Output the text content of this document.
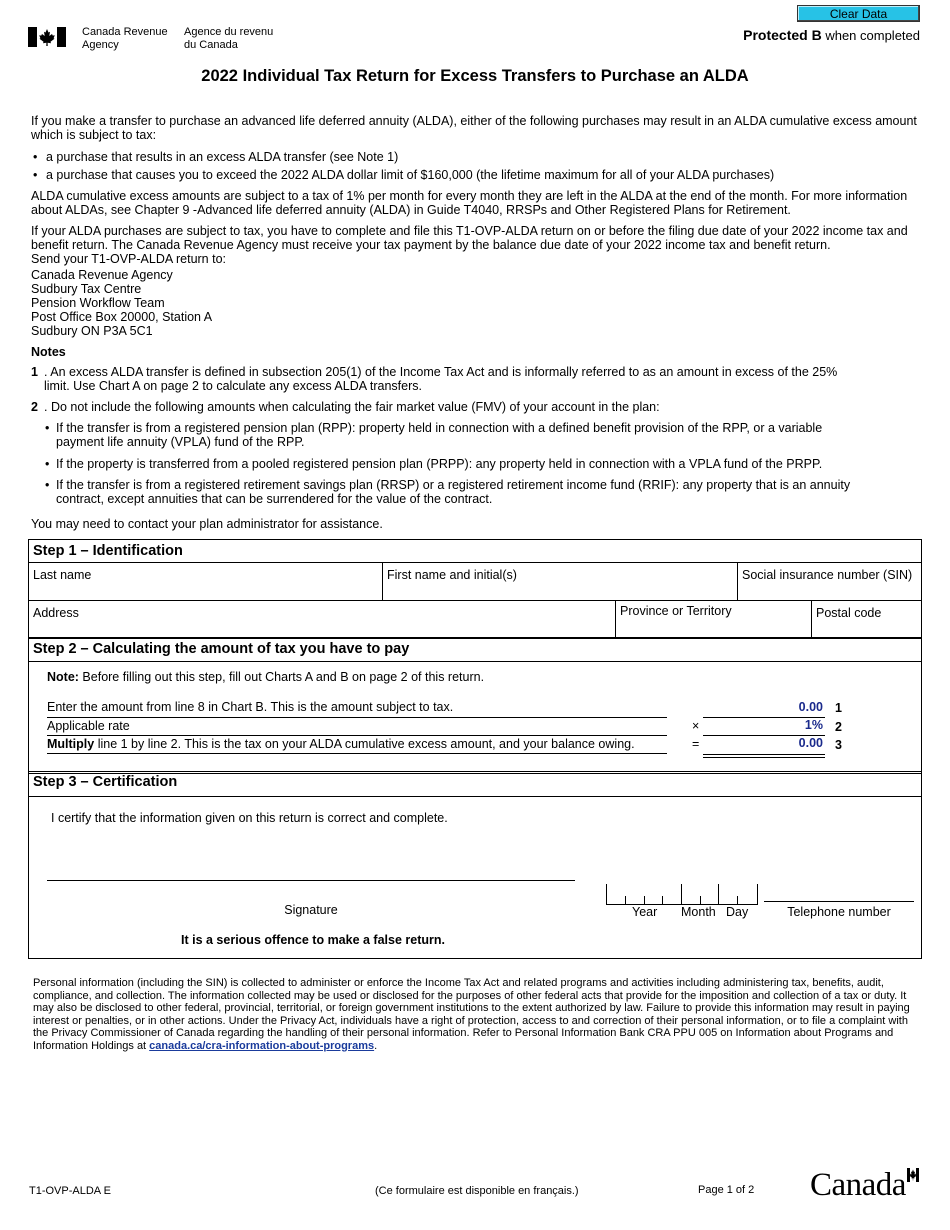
Canada Revenue
Agency
Agence du revenu
du Canada
Clear Data
Protected B when completed
2022 Individual Tax Return for Excess Transfers to Purchase an ALDA
If you make a transfer to purchase an advanced life deferred annuity (ALDA), either of the following purchases may result in an ALDA cumulative excess amount which is subject to tax:
• a purchase that results in an excess ALDA transfer (see Note 1)
• a purchase that causes you to exceed the 2022 ALDA dollar limit of $160,000 (the lifetime maximum for all of your ALDA purchases)
ALDA cumulative excess amounts are subject to a tax of 1% per month for every month they are left in the ALDA at the end of the month. For more information about ALDAs, see Chapter 9 -Advanced life deferred annuity (ALDA) in Guide T4040, RRSPs and Other Registered Plans for Retirement.
If your ALDA purchases are subject to tax, you have to complete and file this T1-OVP-ALDA return on or before the filing due date of your 2022 income tax and benefit return. The Canada Revenue Agency must receive your tax payment by the balance due date of your 2022 income tax and benefit return.
Send your T1-OVP-ALDA return to:
Canada Revenue Agency
Sudbury Tax Centre
Pension Workflow Team
Post Office Box 20000, Station A
Sudbury ON P3A 5C1
Notes
1 . An excess ALDA transfer is defined in subsection 205(1) of the Income Tax Act and is informally referred to as an amount in excess of the 25% limit. Use Chart A on page 2 to calculate any excess ALDA transfers.
2 . Do not include the following amounts when calculating the fair market value (FMV) of your account in the plan:
• If the transfer is from a registered pension plan (RPP): property held in connection with a defined benefit provision of the RPP, or a variable payment life annuity (VPLA) fund of the RPP.
• If the property is transferred from a pooled registered pension plan (PRPP): any property held in connection with a VPLA fund of the PRPP.
• If the transfer is from a registered retirement savings plan (RRSP) or a registered retirement income fund (RRIF): any property that is an annuity contract, except annuities that can be surrendered for the value of the contract.
You may need to contact your plan administrator for assistance.
Step 1 – Identification
Last name	First name and initial(s)	Social insurance number (SIN)
Address	Province or Territory	Postal code
Step 2 – Calculating the amount of tax you have to pay
Note: Before filling out this step, fill out Charts A and B on page 2 of this return.
Enter the amount from line 8 in Chart B. This is the amount subject to tax.	0.00 1
Applicable rate	×	1% 2
Multiply line 1 by line 2. This is the tax on your ALDA cumulative excess amount, and your balance owing.	=	0.00 3
Step 3 – Certification
I certify that the information given on this return is correct and complete.
Signature	Year Month Day	Telephone number
It is a serious offence to make a false return.
Personal information (including the SIN) is collected to administer or enforce the Income Tax Act and related programs and activities including administering tax, benefits, audit, compliance, and collection. The information collected may be used or disclosed for the purposes of other federal acts that provide for the imposition and collection of a tax or duty. It may also be disclosed to other federal, provincial, territorial, or foreign government institutions to the extent authorized by law. Failure to provide this information may result in paying interest or penalties, or in other actions. Under the Privacy Act, individuals have a right of protection, access to and correction of their personal information, or to file a complaint with the Privacy Commissioner of Canada regarding the handling of their personal information. Refer to Personal Information Bank CRA PPU 005 on Information about Programs and Information Holdings at canada.ca/cra-information-about-programs.
T1-OVP-ALDA E	(Ce formulaire est disponible en français.)	Page 1 of 2 Canada
